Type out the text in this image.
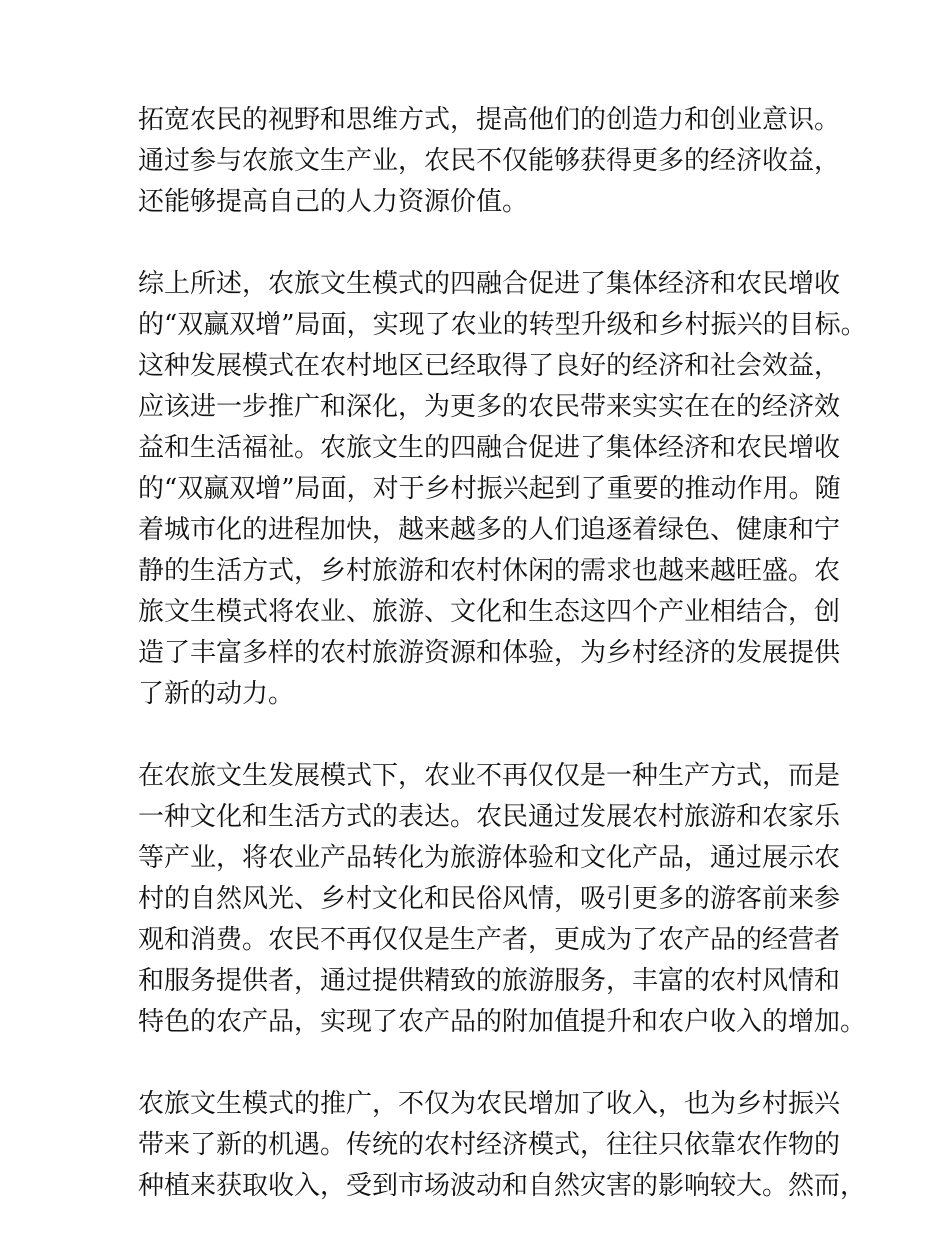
拓宽农民的视野和思维方式，提高他们的创造力和创业意识。
通过参与农旅文生产业，农民不仅能够获得更多的经济收益，
还能够提高自己的人力资源价值。

综上所述，农旅文生模式的四融合促进了集体经济和农民增收
的“双赢双增”局面，实现了农业的转型升级和乡村振兴的目标。
这种发展模式在农村地区已经取得了良好的经济和社会效益，
应该进一步推广和深化，为更多的农民带来实实在在的经济效
益和生活福祉。农旅文生的四融合促进了集体经济和农民增收
的“双赢双增”局面，对于乡村振兴起到了重要的推动作用。随
着城市化的进程加快，越来越多的人们追逐着绿色、健康和宁
静的生活方式，乡村旅游和农村休闲的需求也越来越旺盛。农
旅文生模式将农业、旅游、文化和生态这四个产业相结合，创
造了丰富多样的农村旅游资源和体验，为乡村经济的发展提供
了新的动力。

在农旅文生发展模式下，农业不再仅仅是一种生产方式，而是
一种文化和生活方式的表达。农民通过发展农村旅游和农家乐
等产业，将农业产品转化为旅游体验和文化产品，通过展示农
村的自然风光、乡村文化和民俗风情，吸引更多的游客前来参
观和消费。农民不再仅仅是生产者，更成为了农产品的经营者
和服务提供者，通过提供精致的旅游服务，丰富的农村风情和
特色的农产品，实现了农产品的附加值提升和农户收入的增加。

农旅文生模式的推广，不仅为农民增加了收入，也为乡村振兴
带来了新的机遇。传统的农村经济模式，往往只依靠农作物的
种植来获取收入，受到市场波动和自然灾害的影响较大。然而，
